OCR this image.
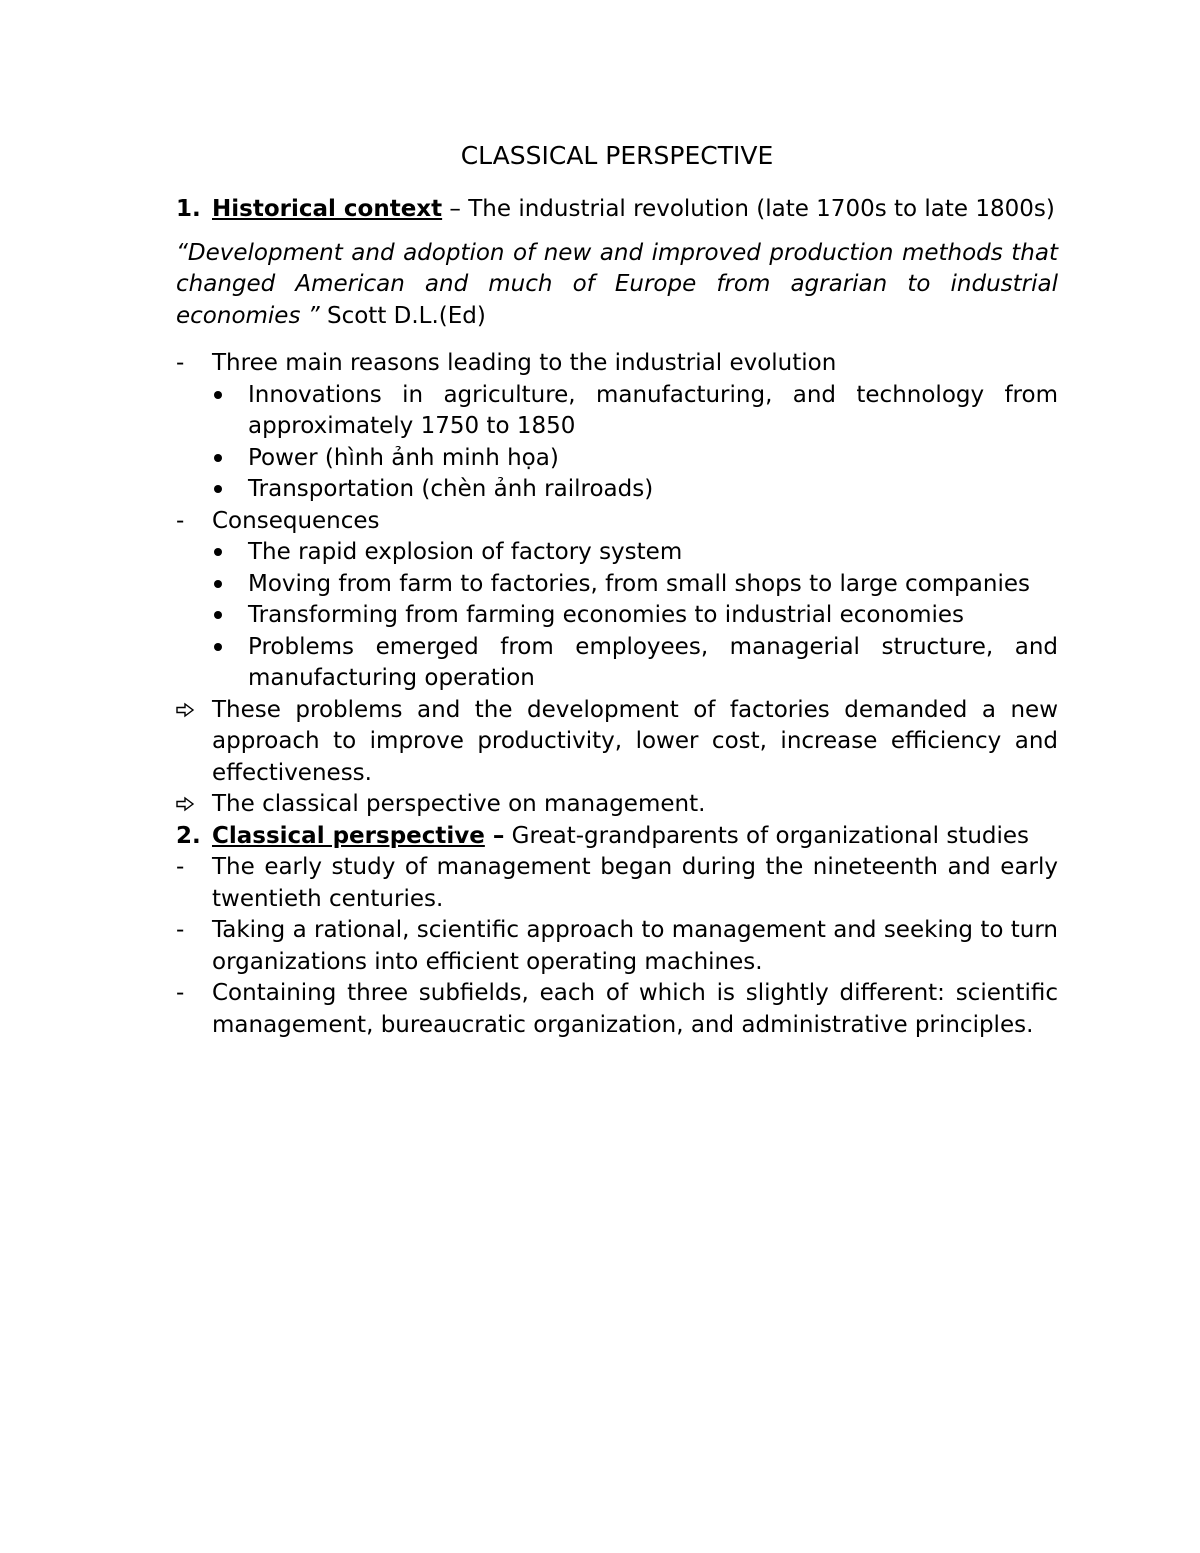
CLASSICAL PERSPECTIVE
1. Historical context – The industrial revolution (late 1700s to late 1800s)
“Development and adoption of new and improved production methods that changed American and much of Europe from agrarian to industrial economies ” Scott D.L.(Ed)
- Three main reasons leading to the industrial evolution
Innovations in agriculture, manufacturing, and technology from approximately 1750 to 1850
Power (hình ảnh minh họa)
Transportation (chèn ảnh railroads)
- Consequences
The rapid explosion of factory system
Moving from farm to factories, from small shops to large companies
Transforming from farming economies to industrial economies
Problems emerged from employees, managerial structure, and manufacturing operation
These problems and the development of factories demanded a new approach to improve productivity, lower cost, increase efficiency and effectiveness.
The classical perspective on management.
2. Classical perspective – Great-grandparents of organizational studies
- The early study of management began during the nineteenth and early twentieth centuries.
- Taking a rational, scientific approach to management and seeking to turn organizations into efficient operating machines.
- Containing three subfields, each of which is slightly different: scientific management, bureaucratic organization, and administrative principles.
